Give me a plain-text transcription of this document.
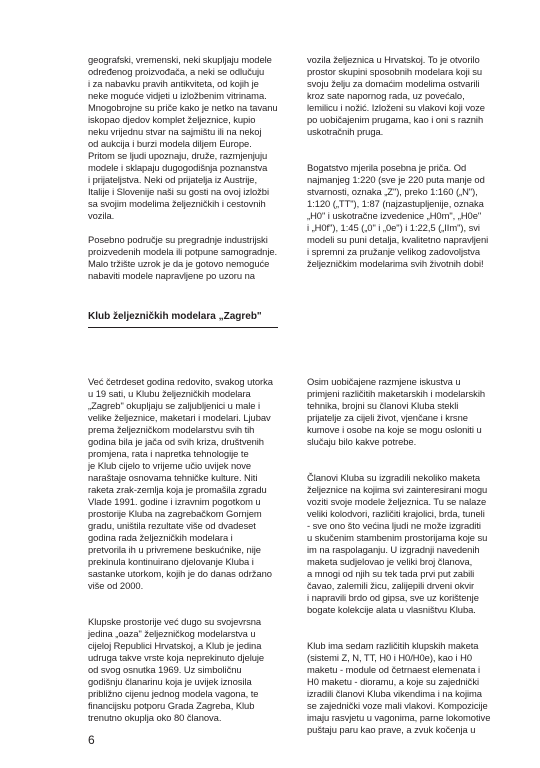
geografski, vremenski, neki skupljaju modele
određenog proizvođača, a neki se odlučuju
i za nabavku pravih antikviteta, od kojih je
neke moguće vidjeti u izložbenim vitrinama.
Mnogobrojne su priče kako je netko na tavanu
iskopao djedov komplet željeznice, kupio
neku vrijednu stvar na sajmištu ili na nekoj
od aukcija i burzi modela diljem Europe.
Pritom se ljudi upoznaju, druže, razmjenjuju
modele i sklapaju dugogodišnja poznanstva
i prijateljstva. Neki od prijatelja iz Austrije,
Italije i Slovenije naši su gosti na ovoj izložbi
sa svojim modelima željezničkih i cestovnih
vozila.

Posebno područje su pregradnje industrijski
proizvedenih modela ili potpune samogradnje.
Malo tržište uzrok je da je gotovo nemoguće
nabaviti modele napravljene po uzoru na

vozila željeznica u Hrvatskoj. To je otvorilo
prostor skupini sposobnih modelara koji su
svoju želju za domaćim modelima ostvarili
kroz sate napornog rada, uz povećalo,
lemilicu i nožić. Izloženi su vlakovi koji voze
po uobičajenim prugama, kao i oni s raznih
uskotračnih pruga.

Bogatstvo mjerila posebna je priča. Od
najmanjeg 1:220 (sve je 220 puta manje od
stvarnosti, oznaka „Z"), preko 1:160 („N"),
1:120 („TT"), 1:87 (najzastupljenije, oznaka
„H0" i uskotračne izvedenice „H0m", „H0e"
i „H0f"), 1:45 („0" i „0e") i 1:22,5 („IIm"), svi
modeli su puni detalja, kvalitetno napravljeni
i spremni za pružanje velikog zadovoljstva
željezničkim modelarima svih životnih dobi!

Klub željezničkih modelara „Zagreb"

Već četrdeset godina redovito, svakog utorka
u 19 sati, u Klubu željezničkih modelara
„Zagreb" okupljaju se zaljubljenici u male i
velike željeznice, maketari i modelari. Ljubav
prema željezničkom modelarstvu svih tih
godina bila je jača od svih kriza, društvenih
promjena, rata i napretka tehnologije te
je Klub cijelo to vrijeme učio uvijek nove
naraštaje osnovama tehničke kulture. Niti
raketa zrak-zemlja koja je promašila zgradu
Vlade 1991. godine i izravnim pogotkom u
prostorije Kluba na zagrebačkom Gornjem
gradu, uništila rezultate više od dvadeset
godina rada željezničkih modelara i
pretvorila ih u privremene beskućnike, nije
prekinula kontinuirano djelovanje Kluba i
sastanke utorkom, kojih je do danas održano
više od 2000.

Klupske prostorije već dugo su svojevrsna
jedina „oaza" željezničkog modelarstva u
cijeloj Republici Hrvatskoj, a Klub je jedina
udruga takve vrste koja neprekinuto djeluje
od svog osnutka 1969. Uz simboličnu
godišnju članarinu koja je uvijek iznosila
približno cijenu jednog modela vagona, te
financijsku potporu Grada Zagreba, Klub
trenutno okuplja oko 80 članova.

Osim uobičajene razmjene iskustva u
primjeni različitih maketarskih i modelarskih
tehnika, brojni su članovi Kluba stekli
prijatelje za cijeli život, vjenčane i krsne
kumove i osobe na koje se mogu osloniti u
slučaju bilo kakve potrebe.

Članovi Kluba su izgradili nekoliko maketa
željeznice na kojima svi zainteresirani mogu
voziti svoje modele željeznica. Tu se nalaze
veliki kolodvori, različiti krajolici, brda, tuneli
- sve ono što većina ljudi ne može izgraditi
u skučenim stambenim prostorijama koje su
im na raspolaganju. U izgradnji navedenih
maketa sudjelovao je veliki broj članova,
a mnogi od njih su tek tada prvi put zabili
čavao, zalemili žicu, zalijepili drveni okvir
i napravili brdo od gipsa, sve uz korištenje
bogate kolekcije alata u vlasništvu Kluba.

Klub ima sedam različitih klupskih maketa
(sistemi Z, N, TT, H0 i H0/H0e), kao i H0
maketu - module od četrnaest elemenata i
H0 maketu - dioramu, a koje su zajednički
izradili članovi Kluba vikendima i na kojima
se zajednički voze mali vlakovi. Kompozicije
imaju rasvjetu u vagonima, parne lokomotive
puštaju paru kao prave, a zvuk kočenja u

6
